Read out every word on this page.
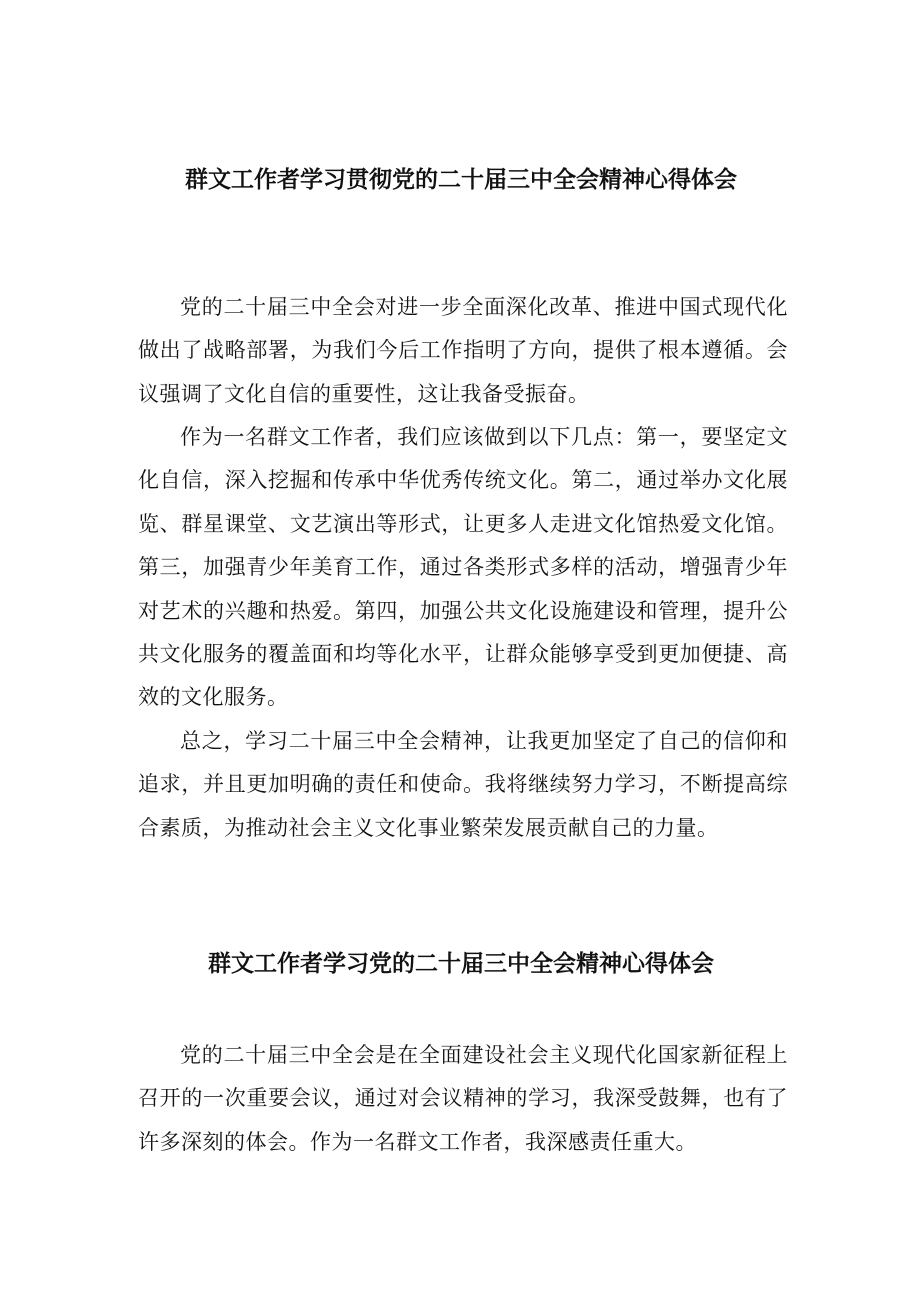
群文工作者学习贯彻党的二十届三中全会精神心得体会

党的二十届三中全会对进一步全面深化改革、推进中国式现代化做出了战略部署，为我们今后工作指明了方向，提供了根本遵循。会议强调了文化自信的重要性，这让我备受振奋。

作为一名群文工作者，我们应该做到以下几点：第一，要坚定文化自信，深入挖掘和传承中华优秀传统文化。第二，通过举办文化展览、群星课堂、文艺演出等形式，让更多人走进文化馆热爱文化馆。第三，加强青少年美育工作，通过各类形式多样的活动，增强青少年对艺术的兴趣和热爱。第四，加强公共文化设施建设和管理，提升公共文化服务的覆盖面和均等化水平，让群众能够享受到更加便捷、高效的文化服务。

总之，学习二十届三中全会精神，让我更加坚定了自己的信仰和追求，并且更加明确的责任和使命。我将继续努力学习，不断提高综合素质，为推动社会主义文化事业繁荣发展贡献自己的力量。

群文工作者学习党的二十届三中全会精神心得体会

党的二十届三中全会是在全面建设社会主义现代化国家新征程上召开的一次重要会议，通过对会议精神的学习，我深受鼓舞，也有了许多深刻的体会。作为一名群文工作者，我深感责任重大。
